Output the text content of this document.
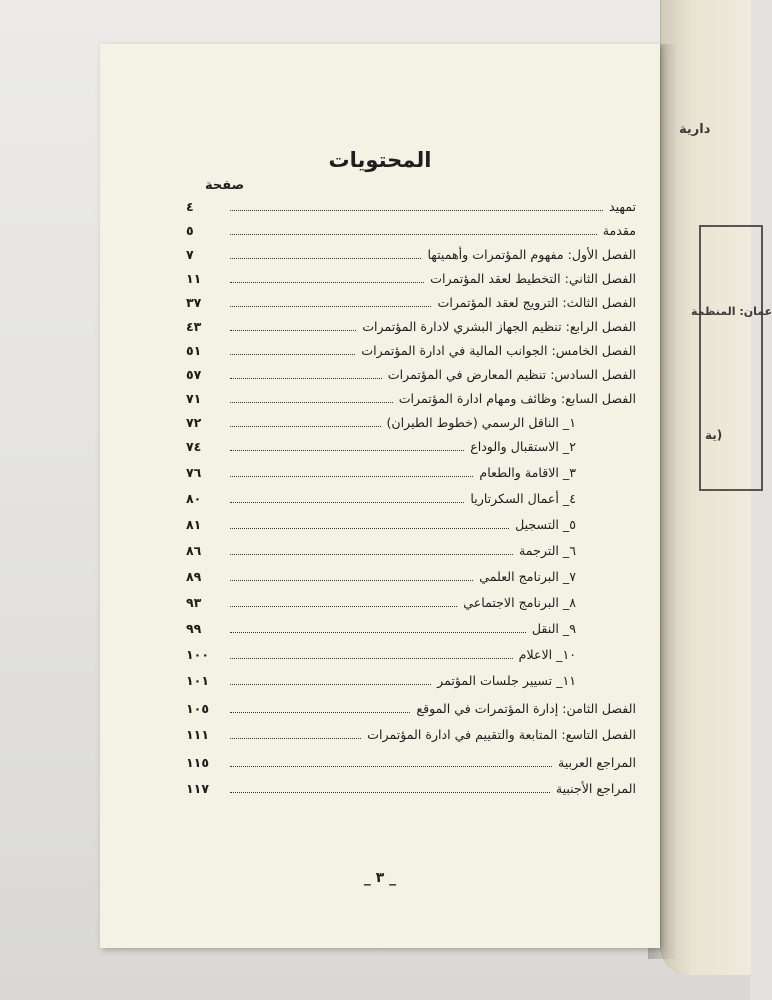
دارية
عمان: المنظمة
ية)
المحتويات
صفحة
تمهيد
٤
مقدمة
٥
الفصل الأول: مفهوم المؤتمرات وأهميتها
٧
الفصل الثاني: التخطيط لعقد المؤتمرات
١١
الفصل الثالث: الترويج لعقد المؤتمرات
٣٧
الفصل الرابع: تنظيم الجهاز البشري لادارة المؤتمرات
٤٣
الفصل الخامس: الجوانب المالية في ادارة المؤتمرات
٥١
الفصل السادس: تنظيم المعارض في المؤتمرات
٥٧
الفصل السابع: وظائف ومهام ادارة المؤتمرات
٧١
١_ الناقل الرسمي (خطوط الطيران)
٧٢
٢_ الاستقبال والوداع
٧٤
٣_ الاقامة والطعام
٧٦
٤_ أعمال السكرتاريا
٨٠
٥_ التسجيل
٨١
٦_ الترجمة
٨٦
٧_ البرنامج العلمي
٨٩
٨_ البرنامج الاجتماعي
٩٣
٩_ النقل
٩٩
١٠_ الاعلام
١٠٠
١١_ تسيير جلسات المؤتمر
١٠١
الفصل الثامن: إدارة المؤتمرات في الموقع
١٠٥
الفصل التاسع: المتابعة والتقييم في ادارة المؤتمرات
١١١
المراجع العربية
١١٥
المراجع الأجنبية
١١٧
_ ٣ _
